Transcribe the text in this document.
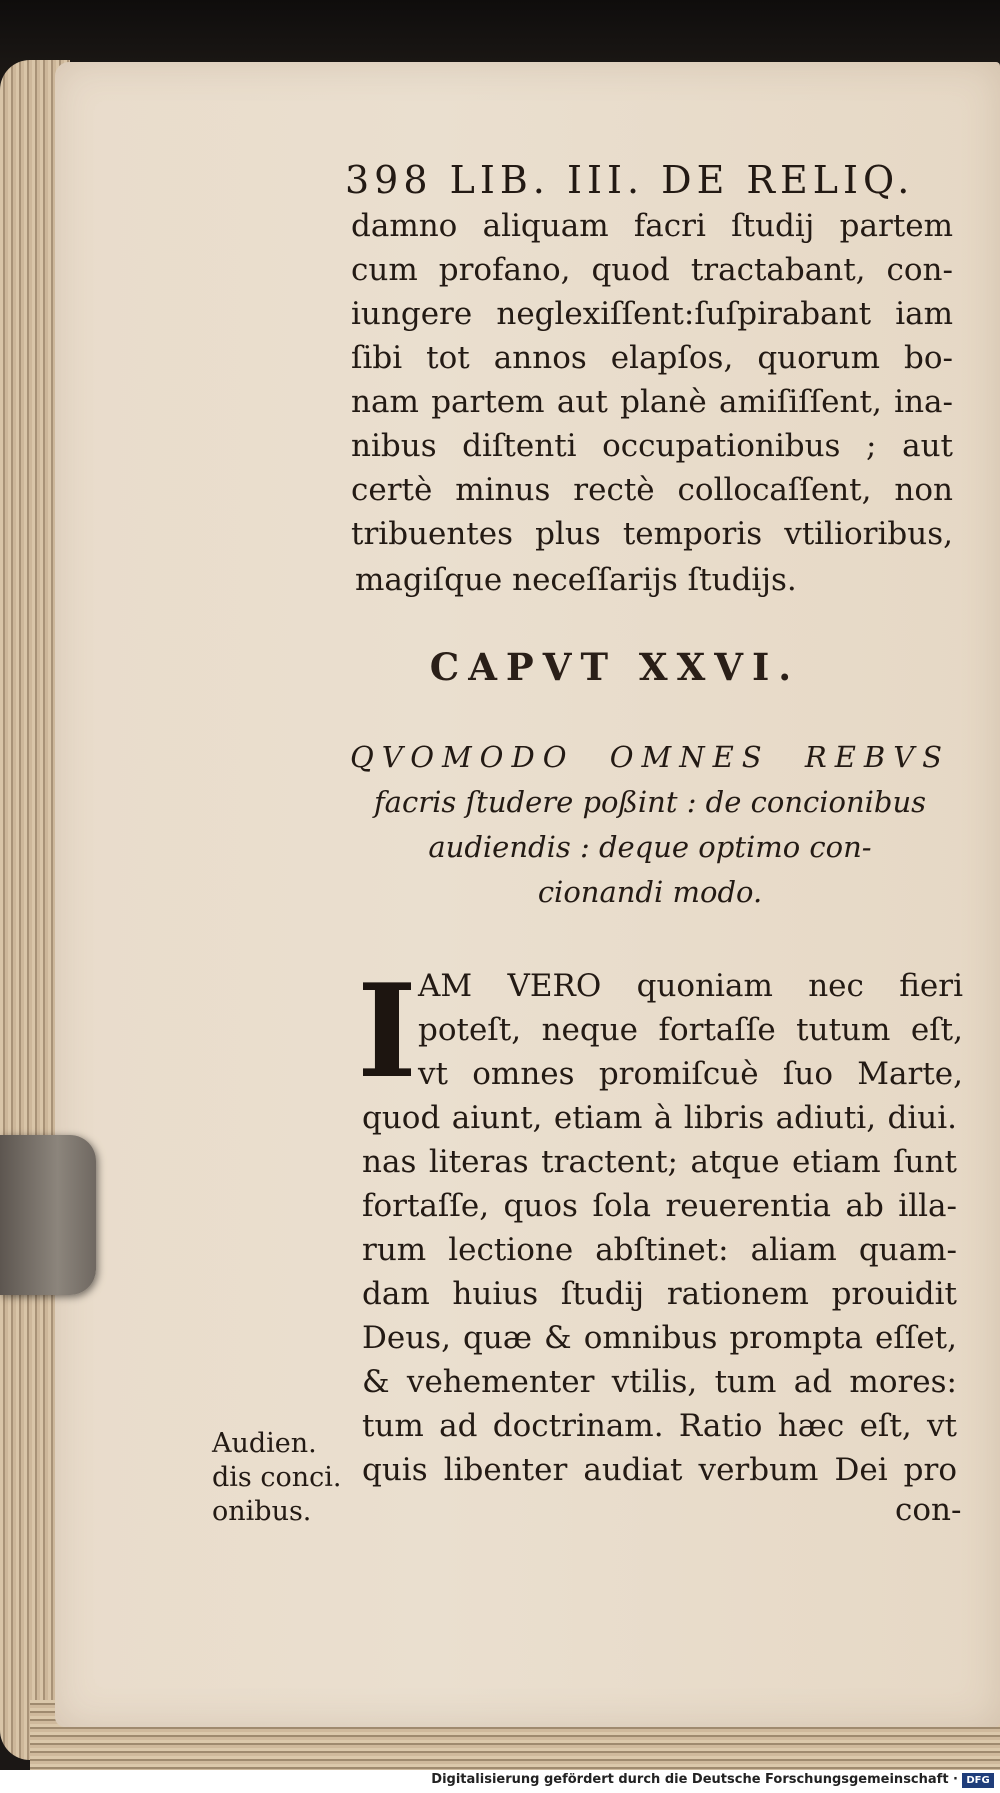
398 LIB. III. DE RELIQ.

damno aliquam facri ſtudij partem

cum profano, quod tractabant, con-

iungere neglexiſſent:ſuſpirabant iam

ſibi tot annos elapſos, quorum bo-

nam partem aut planè amiſiſſent, ina-

nibus diſtenti occupationibus ; aut

certè minus rectè collocaſſent, non

tribuentes plus temporis vtilioribus,

magiſque neceſſarijs ſtudijs.

CAPVT XXVI.

QVOMODO OMNES REBVS

facris ſtudere poßint : de concionibus

audiendis : deque optimo con-

cionandi modo.

I AM VERO quoniam nec fieri

poteſt, neque fortaſſe tutum eſt,

vt omnes promiſcuè ſuo Marte,

quod aiunt, etiam à libris adiuti, diui.

nas literas tractent; atque etiam ſunt

fortaſſe, quos ſola reuerentia ab illa-

rum lectione abſtinet: aliam quam-

dam huius ſtudij rationem prouidit

Deus, quæ & omnibus prompta eſſet,

& vehementer vtilis, tum ad mores:

tum ad doctrinam. Ratio hæc eſt, vt

quis libenter audiat verbum Dei pro

con-
Audien.
dis conci.
onibus.
Digitalisierung gefördert durch die Deutsche Forschungsgemeinschaft · DFG
